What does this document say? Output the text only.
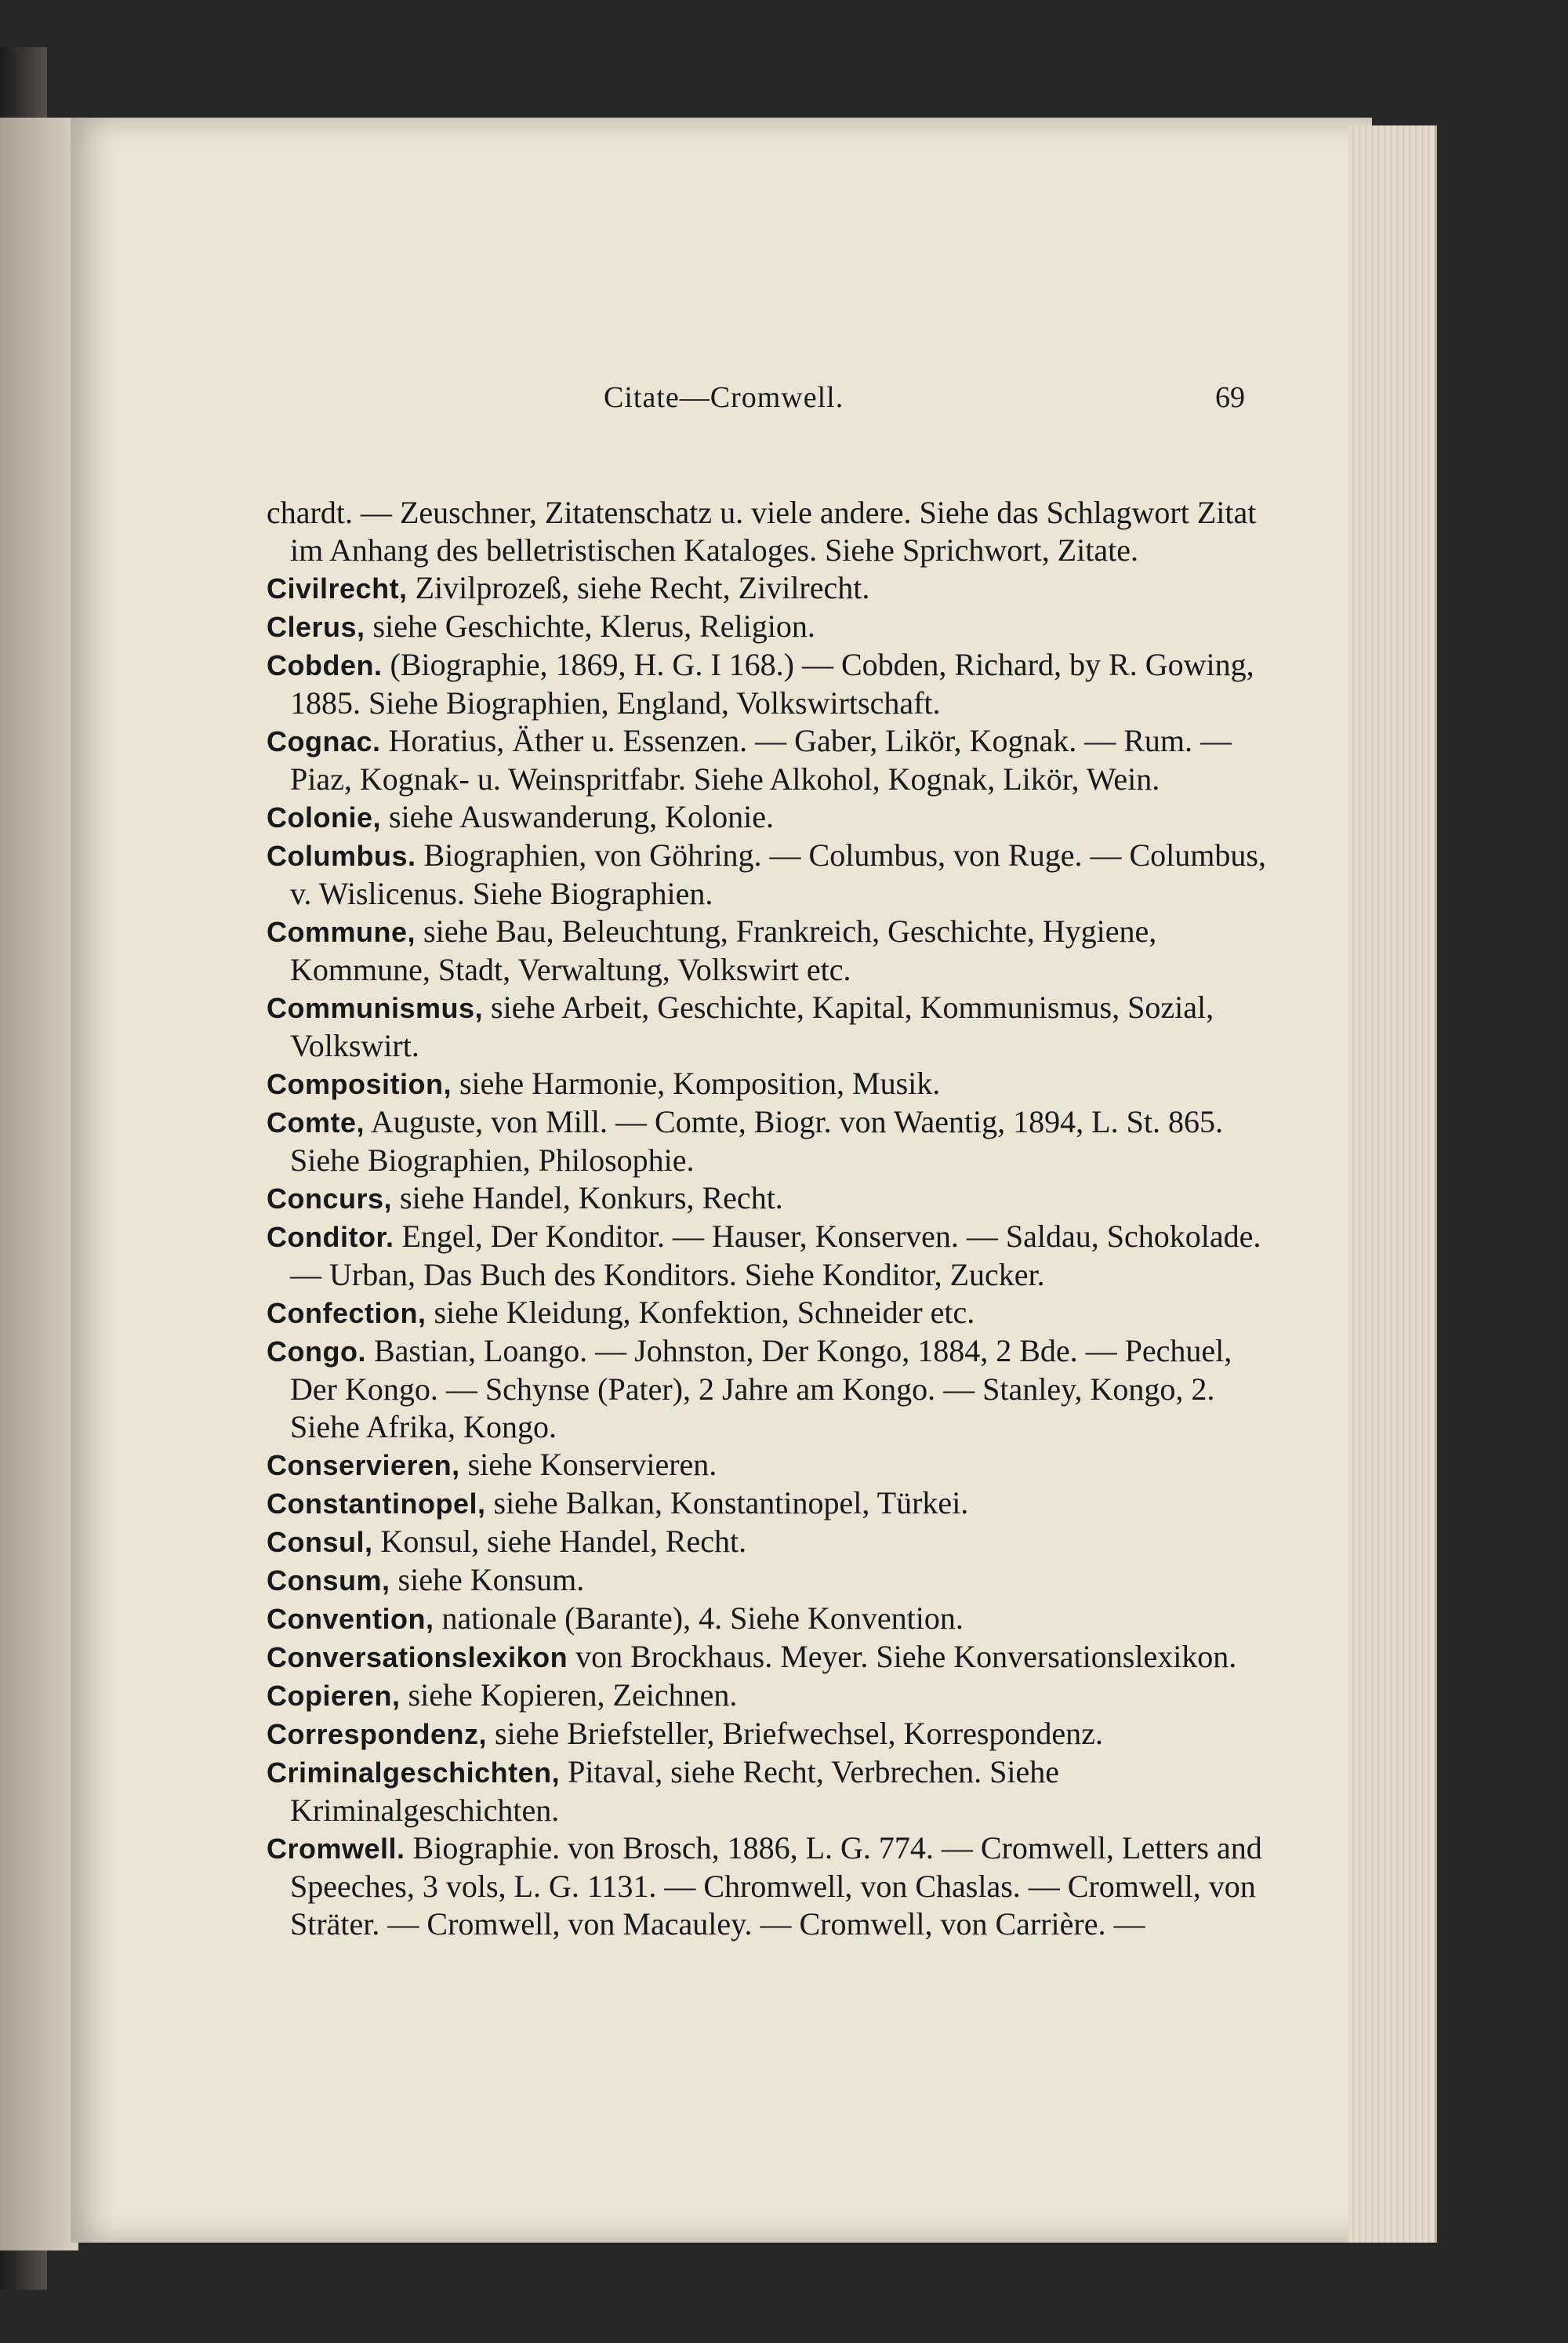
Citate—Cromwell.	69

chardt. — Zeuschner, Zitatenschatz u. viele andere. Siehe das Schlagwort Zitat im Anhang des belletristischen Kataloges. Siehe Sprichwort, Zitate.

Civilrecht, Zivilprozeß, siehe Recht, Zivilrecht.

Clerus, siehe Geschichte, Klerus, Religion.

Cobden. (Biographie, 1869, H. G. I 168.) — Cobden, Richard, by R. Gowing, 1885. Siehe Biographien, England, Volkswirtschaft.

Cognac. Horatius, Äther u. Essenzen. — Gaber, Likör, Kognak. — Rum. — Piaz, Kognak- u. Weinspritfabr. Siehe Alkohol, Kognak, Likör, Wein.

Colonie, siehe Auswanderung, Kolonie.

Columbus. Biographien, von Göhring. — Columbus, von Ruge. — Columbus, v. Wislicenus. Siehe Biographien.

Commune, siehe Bau, Beleuchtung, Frankreich, Geschichte, Hygiene, Kommune, Stadt, Verwaltung, Volkswirt etc.

Communismus, siehe Arbeit, Geschichte, Kapital, Kommunismus, Sozial, Volkswirt.

Composition, siehe Harmonie, Komposition, Musik.

Comte, Auguste, von Mill. — Comte, Biogr. von Waentig, 1894, L. St. 865. Siehe Biographien, Philosophie.

Concurs, siehe Handel, Konkurs, Recht.

Conditor. Engel, Der Konditor. — Hauser, Konserven. — Saldau, Schokolade. — Urban, Das Buch des Konditors. Siehe Konditor, Zucker.

Confection, siehe Kleidung, Konfektion, Schneider etc.

Congo. Bastian, Loango. — Johnston, Der Kongo, 1884, 2 Bde. — Pechuel, Der Kongo. — Schynse (Pater), 2 Jahre am Kongo. — Stanley, Kongo, 2. Siehe Afrika, Kongo.

Conservieren, siehe Konservieren.

Constantinopel, siehe Balkan, Konstantinopel, Türkei.

Consul, Konsul, siehe Handel, Recht.

Consum, siehe Konsum.

Convention, nationale (Barante), 4. Siehe Konvention.

Conversationslexikon von Brockhaus. Meyer. Siehe Konversationslexikon.

Copieren, siehe Kopieren, Zeichnen.

Correspondenz, siehe Briefsteller, Briefwechsel, Korrespondenz.

Criminalgeschichten, Pitaval, siehe Recht, Verbrechen. Siehe Kriminalgeschichten.

Cromwell. Biographie. von Brosch, 1886, L. G. 774. — Cromwell, Letters and Speeches, 3 vols, L. G. 1131. — Chromwell, von Chaslas. — Cromwell, von Sträter. — Cromwell, von Macauley. — Cromwell, von Carrière. —
